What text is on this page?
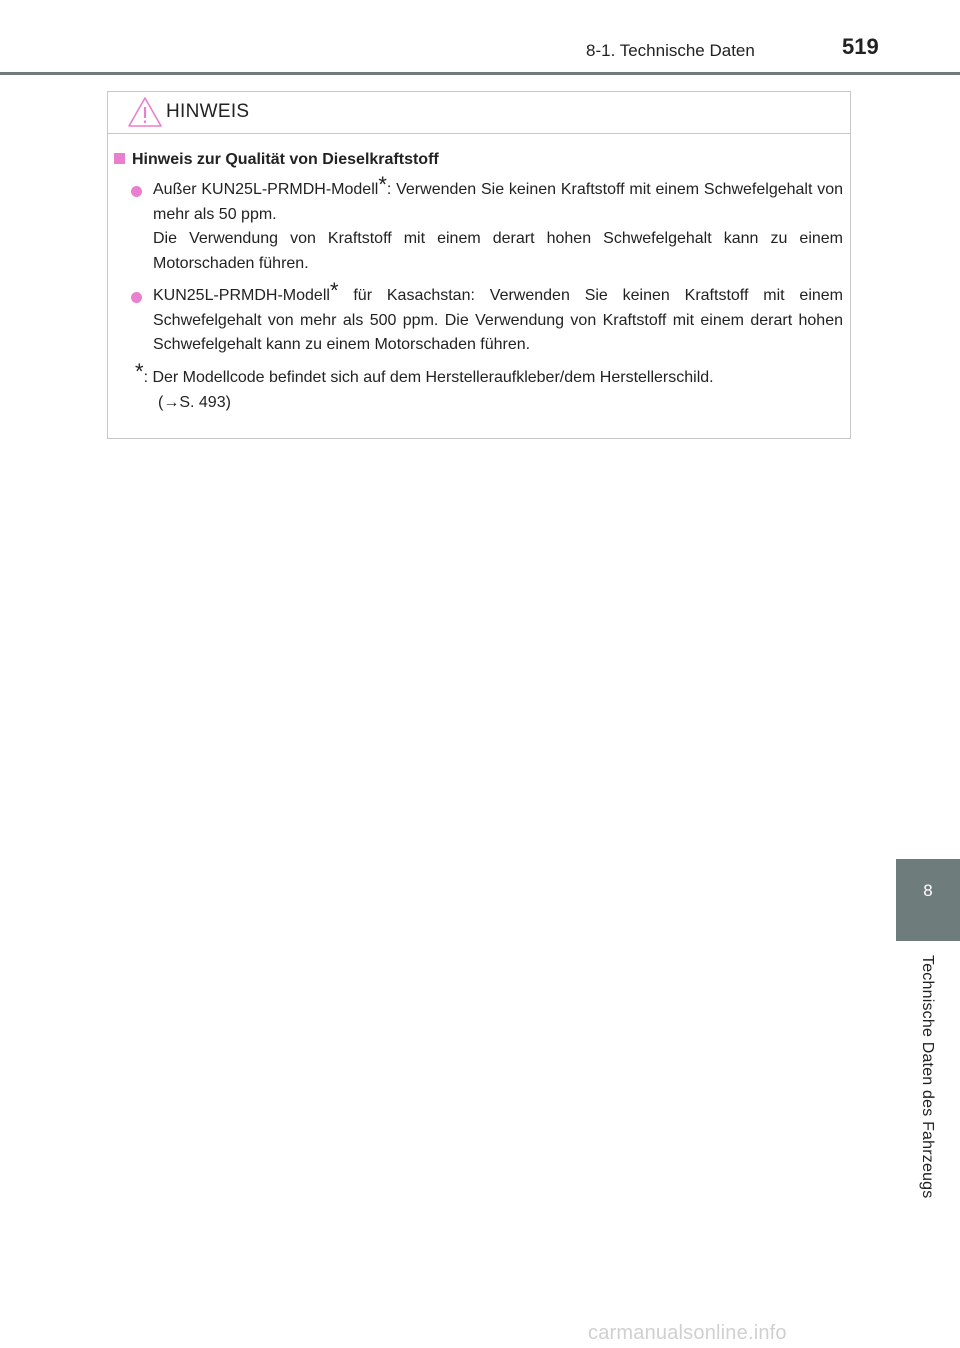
8-1. Technische Daten	519
HINWEIS
Hinweis zur Qualität von Dieselkraftstoff
Außer KUN25L-PRMDH-Modell*: Verwenden Sie keinen Kraftstoff mit einem Schwefelgehalt von mehr als 50 ppm.
Die Verwendung von Kraftstoff mit einem derart hohen Schwefelgehalt kann zu einem Motorschaden führen.
KUN25L-PRMDH-Modell* für Kasachstan: Verwenden Sie keinen Kraftstoff mit einem Schwefelgehalt von mehr als 500 ppm. Die Verwendung von Kraftstoff mit einem derart hohen Schwefelgehalt kann zu einem Motorschaden führen.
*: Der Modellcode befindet sich auf dem Herstelleraufkleber/dem Herstellerschild.
(→S. 493)
8
Technische Daten des Fahrzeugs
carmanualsonline.info
